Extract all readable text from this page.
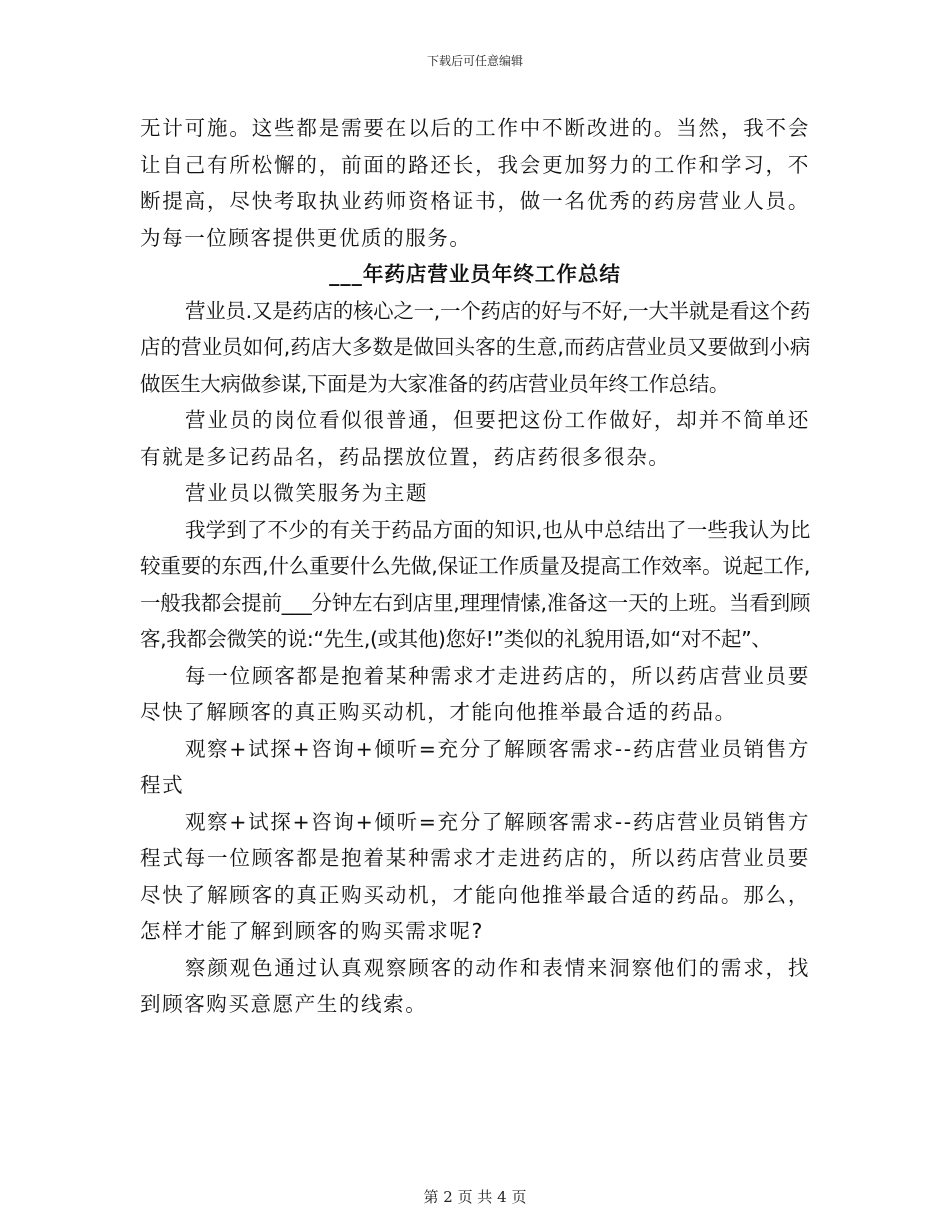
下载后可任意编辑

无计可施。这些都是需要在以后的工作中不断改进的。当然，我不会让自己有所松懈的，前面的路还长，我会更加努力的工作和学习，不断提高，尽快考取执业药师资格证书，做一名优秀的药房营业人员。为每一位顾客提供更优质的服务。

___年药店营业员年终工作总结

营业员.又是药店的核心之一,一个药店的好与不好,一大半就是看这个药店的营业员如何,药店大多数是做回头客的生意,而药店营业员又要做到小病做医生大病做参谋,下面是为大家准备的药店营业员年终工作总结。

营业员的岗位看似很普通，但要把这份工作做好，却并不简单还有就是多记药品名，药品摆放位置，药店药很多很杂。

营业员以微笑服务为主题

我学到了不少的有关于药品方面的知识,也从中总结出了一些我认为比较重要的东西,什么重要什么先做,保证工作质量及提高工作效率。说起工作,一般我都会提前___分钟左右到店里,理理情愫,准备这一天的上班。当看到顾客,我都会微笑的说:“先生,(或其他)您好!”类似的礼貌用语,如“对不起”、

每一位顾客都是抱着某种需求才走进药店的，所以药店营业员要尽快了解顾客的真正购买动机，才能向他推举最合适的药品。

观察+试探+咨询+倾听=充分了解顾客需求--药店营业员销售方程式

观察+试探+咨询+倾听=充分了解顾客需求--药店营业员销售方程式每一位顾客都是抱着某种需求才走进药店的，所以药店营业员要尽快了解顾客的真正购买动机，才能向他推举最合适的药品。那么，怎样才能了解到顾客的购买需求呢?

察颜观色通过认真观察顾客的动作和表情来洞察他们的需求，找到顾客购买意愿产生的线索。

第 2 页 共 4 页
